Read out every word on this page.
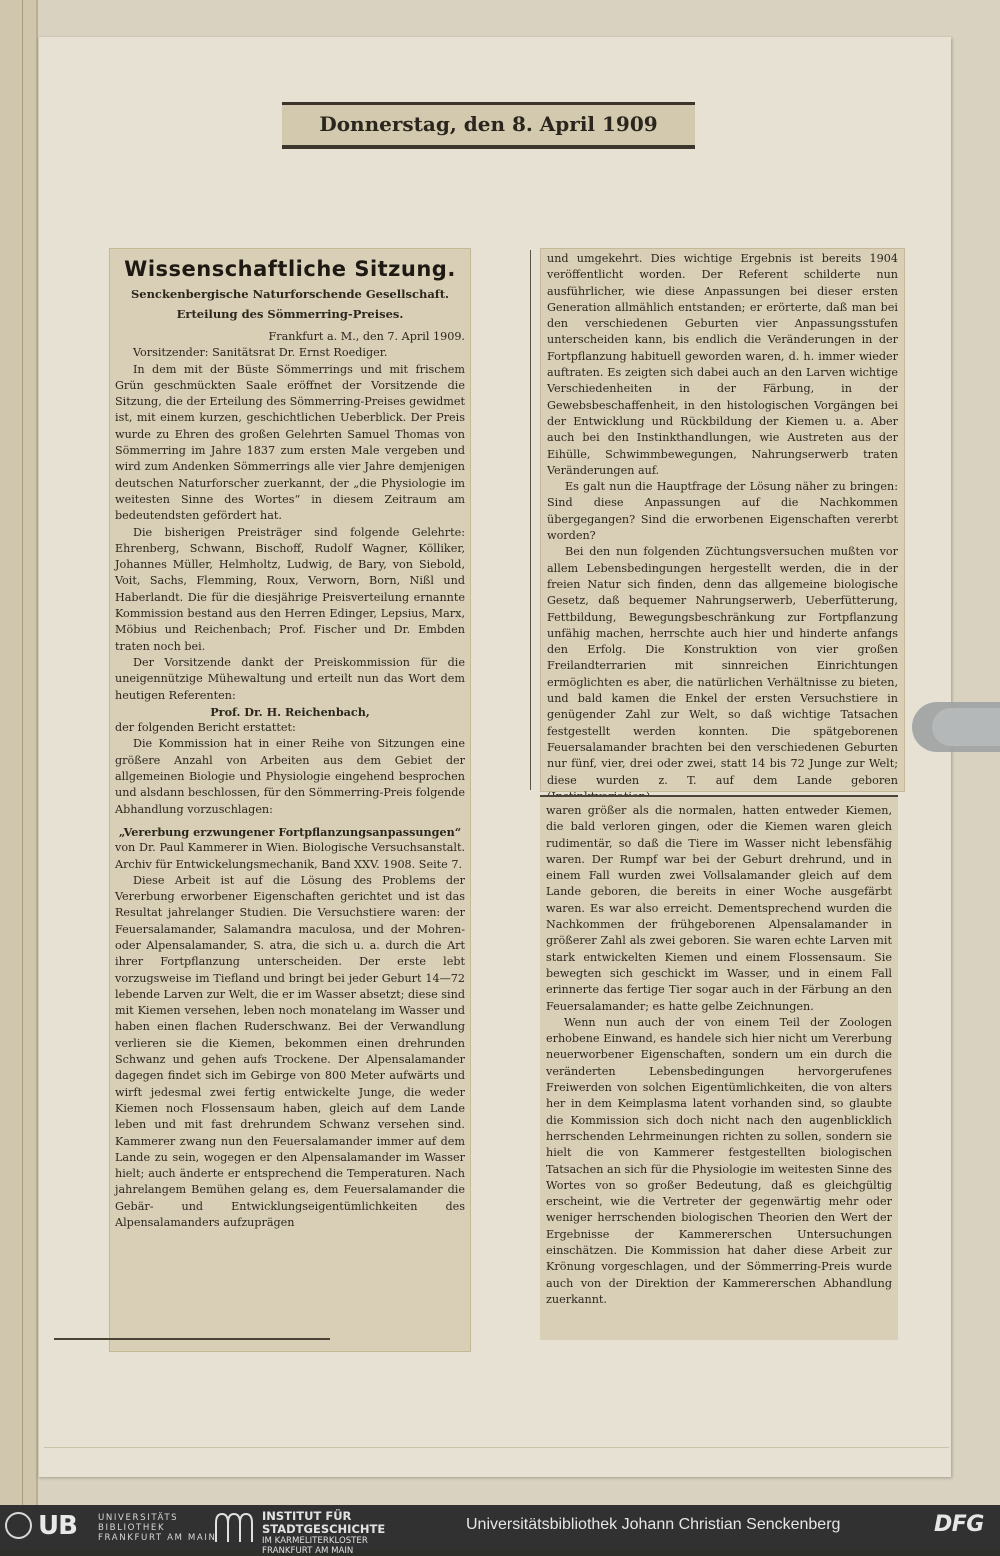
Donnerstag, den 8. April 1909
Wissenschaftliche Sitzung.
Senckenbergische Naturforschende Gesellschaft.
Erteilung des Sömmerring-Preises.

Frankfurt a. M., den 7. April 1909.

Vorsitzender: Sanitätsrat Dr. Ernst Roediger.

In dem mit der Büste Sömmerrings und mit frischem Grün geschmückten Saale eröffnet der Vorsitzende die Sitzung, die der Erteilung des Sömmerring-Preises gewidmet ist, mit einem kurzen, geschichtlichen Ueberblick. Der Preis wurde zu Ehren des großen Gelehrten Samuel Thomas von Sömmerring im Jahre 1837 zum ersten Male vergeben und wird zum Andenken Sömmerrings alle vier Jahre demjenigen deutschen Naturforscher zuerkannt, der „die Physiologie im weitesten Sinne des Wortes“ in diesem Zeitraum am bedeutendsten gefördert hat.

Die bisherigen Preisträger sind folgende Gelehrte: Ehrenberg, Schwann, Bischoff, Rudolf Wagner, Kölliker, Johannes Müller, Helmholtz, Ludwig, de Bary, von Siebold, Voit, Sachs, Flemming, Roux, Verworn, Born, Nißl und Haberlandt. Die für die diesjährige Preisverteilung ernannte Kommission bestand aus den Herren Edinger, Lepsius, Marx, Möbius und Reichenbach; Prof. Fischer und Dr. Embden traten noch bei.

Der Vorsitzende dankt der Preiskommission für die uneigennützige Mühewaltung und erteilt nun das Wort dem heutigen Referenten:

Prof. Dr. H. Reichenbach,

der folgenden Bericht erstattet:

Die Kommission hat in einer Reihe von Sitzungen eine größere Anzahl von Arbeiten aus dem Gebiet der allgemeinen Biologie und Physiologie eingehend besprochen und alsdann beschlossen, für den Sömmerring-Preis folgende Abhandlung vorzuschlagen:

„Vererbung erzwungener Fortpflanzungsanpassungen“

von Dr. Paul Kammerer in Wien. Biologische Versuchsanstalt. Archiv für Entwickelungsmechanik, Band XXV. 1908. Seite 7.

Diese Arbeit ist auf die Lösung des Problems der Vererbung erworbener Eigenschaften gerichtet und ist das Resultat jahrelanger Studien. Die Versuchstiere waren: der Feuersalamander, Salamandra maculosa, und der Mohren- oder Alpensalamander, S. atra, die sich u. a. durch die Art ihrer Fortpflanzung unterscheiden. Der erste lebt vorzugsweise im Tiefland und bringt bei jeder Geburt 14—72 lebende Larven zur Welt, die er im Wasser absetzt; diese sind mit Kiemen versehen, leben noch monatelang im Wasser und haben einen flachen Ruderschwanz. Bei der Verwandlung verlieren sie die Kiemen, bekommen einen drehrunden Schwanz und gehen aufs Trockene. Der Alpensalamander dagegen findet sich im Gebirge von 800 Meter aufwärts und wirft jedesmal zwei fertig entwickelte Junge, die weder Kiemen noch Flossensaum haben, gleich auf dem Lande leben und mit fast drehrundem Schwanz versehen sind. Kammerer zwang nun den Feuersalamander immer auf dem Lande zu sein, wogegen er den Alpensalamander im Wasser hielt; auch änderte er entsprechend die Temperaturen. Nach jahrelangem Bemühen gelang es, dem Feuersalamander die Gebär- und Entwicklungseigentümlichkeiten des Alpensalamanders aufzuprägen

und umgekehrt. Dies wichtige Ergebnis ist bereits 1904 veröffentlicht worden. Der Referent schilderte nun ausführlicher, wie diese Anpassungen bei dieser ersten Generation allmählich entstanden; er erörterte, daß man bei den verschiedenen Geburten vier Anpassungsstufen unterscheiden kann, bis endlich die Veränderungen in der Fortpflanzung habituell geworden waren, d. h. immer wieder auftraten. Es zeigten sich dabei auch an den Larven wichtige Verschiedenheiten in der Färbung, in der Gewebsbeschaffenheit, in den histologischen Vorgängen bei der Entwicklung und Rückbildung der Kiemen u. a. Aber auch bei den Instinkthandlungen, wie Austreten aus der Eihülle, Schwimmbewegungen, Nahrungserwerb traten Veränderungen auf.

Es galt nun die Hauptfrage der Lösung näher zu bringen: Sind diese Anpassungen auf die Nachkommen übergegangen? Sind die erworbenen Eigenschaften vererbt worden?

Bei den nun folgenden Züchtungsversuchen mußten vor allem Lebensbedingungen hergestellt werden, die in der freien Natur sich finden, denn das allgemeine biologische Gesetz, daß bequemer Nahrungserwerb, Ueberfütterung, Fettbildung, Bewegungsbeschränkung zur Fortpflanzung unfähig machen, herrschte auch hier und hinderte anfangs den Erfolg. Die Konstruktion von vier großen Freilandterrarien mit sinnreichen Einrichtungen ermöglichten es aber, die natürlichen Verhältnisse zu bieten, und bald kamen die Enkel der ersten Versuchstiere in genügender Zahl zur Welt, so daß wichtige Tatsachen festgestellt werden konnten. Die spätgeborenen Feuersalamander brachten bei den verschiedenen Geburten nur fünf, vier, drei oder zwei, statt 14 bis 72 Junge zur Welt; diese wurden z. T. auf dem Lande geboren

waren größer als die normalen, hatten entweder Kiemen, die bald verloren gingen, oder die Kiemen waren gleich rudimentär, so daß die Tiere im Wasser nicht lebensfähig waren. Der Rumpf war bei der Geburt drehrund, und in einem Fall wurden zwei Vollsalamander gleich auf dem Lande geboren, die bereits in einer Woche ausgefärbt waren. Es war also erreicht. Dementsprechend wurden die Nachkommen der frühgeborenen Alpensalamander in größerer Zahl als zwei geboren. Sie waren echte Larven mit stark entwickelten Kiemen und einem Flossensaum. Sie bewegten sich geschickt im Wasser, und in einem Fall erinnerte das fertige Tier sogar auch in der Färbung an den Feuersalamander; es hatte gelbe Zeichnungen.

Wenn nun auch der von einem Teil der Zoologen erhobene Einwand, es handele sich hier nicht um Vererbung neuerworbener Eigenschaften, sondern um ein durch die veränderten Lebensbedingungen hervorgerufenes Freiwerden von solchen Eigentümlichkeiten, die von alters her in dem Keimplasma latent vorhanden sind, so glaubte die Kommission sich doch nicht nach den augenblicklich herrschenden Lehrmeinungen richten zu sollen, sondern sie hielt die von Kammerer festgestellten biologischen Tatsachen an sich für die Physiologie im weitesten Sinne des Wortes von so großer Bedeutung, daß es gleichgültig erscheint, wie die Vertreter der gegenwärtig mehr oder weniger herrschenden biologischen Theorien den Wert der Ergebnisse der Kammererschen Untersuchungen einschätzen. Die Kommission hat daher diese Arbeit zur Krönung vorgeschlagen, und der Sömmerring-Preis wurde auch von der Direktion der Kammererschen Abhandlung zuerkannt.

UB UNIVERSITÄTS
BIBLIOTHEK
FRANKFURT AM MAIN
INSTITUT FÜR
STADTGESCHICHTE
IM KARMELITERKLOSTER
FRANKFURT AM MAIN
Universitätsbibliothek Johann Christian Senckenberg	DFG
